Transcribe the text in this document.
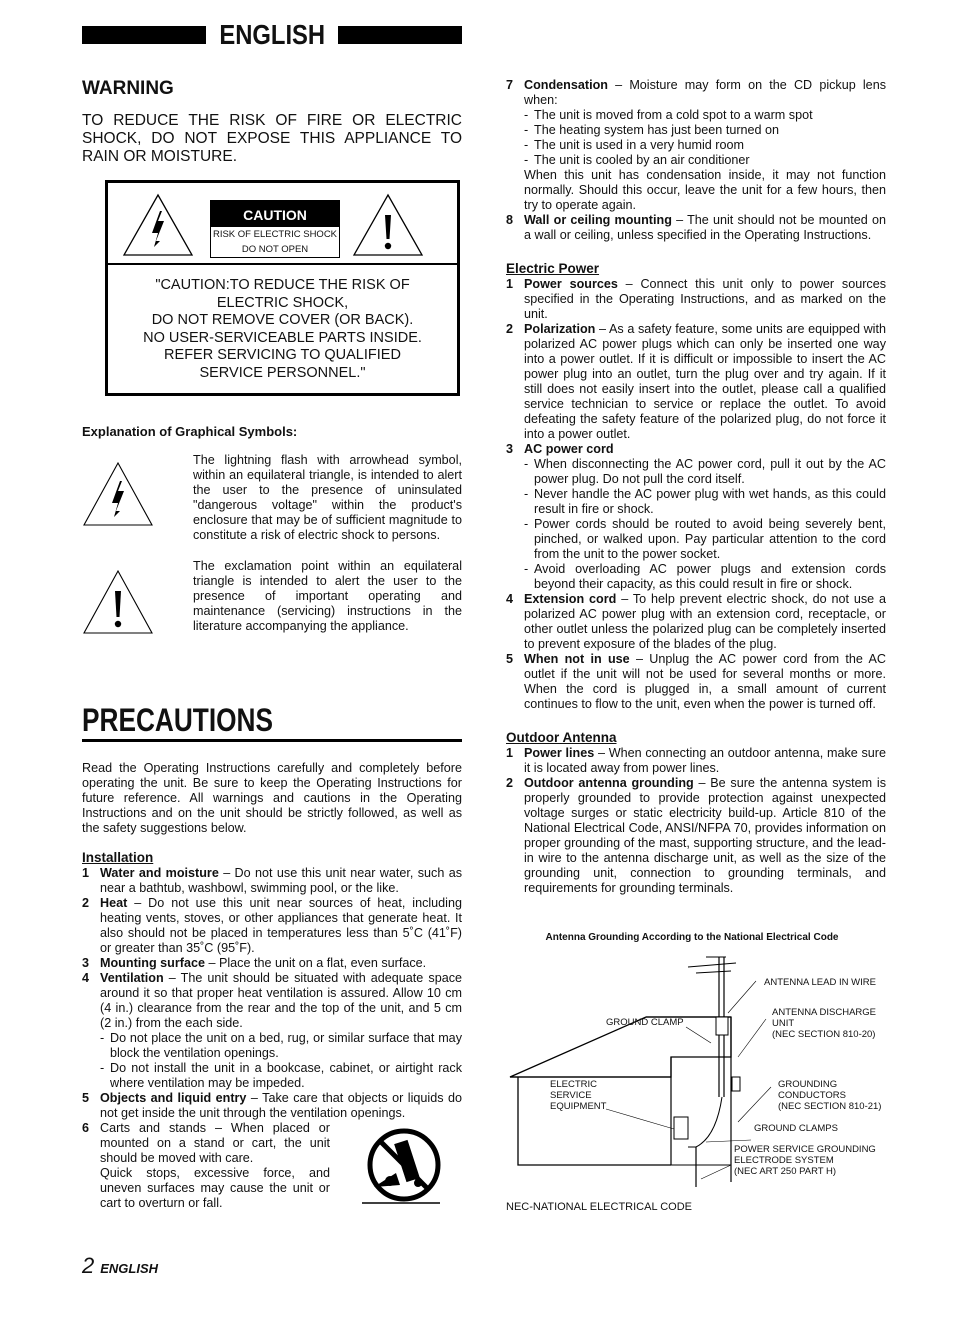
ENGLISH
WARNING

TO REDUCE THE RISK OF FIRE OR ELECTRIC SHOCK, DO NOT EXPOSE THIS APPLIANCE TO RAIN OR MOISTURE.

CAUTION
RISK OF ELECTRIC SHOCK
DO NOT OPEN
"CAUTION:TO REDUCE THE RISK OF
ELECTRIC SHOCK,
DO NOT REMOVE COVER (OR BACK).
NO USER-SERVICEABLE PARTS INSIDE.
REFER SERVICING TO QUALIFIED
SERVICE PERSONNEL."
Explanation of Graphical Symbols:

The lightning flash with arrowhead symbol, within an equilateral triangle, is intended to alert the user to the presence of uninsulated "dangerous voltage" within the product's enclosure that may be of sufficient magnitude to constitute a risk of electric shock to persons.

The exclamation point within an equilateral triangle is intended to alert the user to the presence of important operating and maintenance (servicing) instructions in the literature accompanying the appliance.

PRECAUTIONS

Read the Operating Instructions carefully and completely before operating the unit. Be sure to keep the Operating Instructions for future reference. All warnings and cautions in the Operating Instructions and on the unit should be strictly followed, as well as the safety suggestions below.

Installation
1 Water and moisture – Do not use this unit near water, such as near a bathtub, washbowl, swimming pool, or the like.
2 Heat – Do not use this unit near sources of heat, including heating vents, stoves, or other appliances that generate heat. It also should not be placed in temperatures less than 5˚C (41˚F) or greater than 35˚C (95˚F).
3 Mounting surface – Place the unit on a flat, even surface.
4 Ventilation – The unit should be situated with adequate space around it so that proper heat ventilation is assured. Allow 10 cm (4 in.) clearance from the rear and the top of the unit, and 5 cm (2 in.) from the each side.
- Do not place the unit on a bed, rug, or similar surface that may block the ventilation openings.
- Do not install the unit in a bookcase, cabinet, or airtight rack where ventilation may be impeded.
5 Objects and liquid entry – Take care that objects or liquids do not get inside the unit through the ventilation openings.
6 Carts and stands – When placed or mounted on a stand or cart, the unit should be moved with care.
Quick stops, excessive force, and uneven surfaces may cause the unit or cart to overturn or fall.
7 Condensation – Moisture may form on the CD pickup lens when:
- The unit is moved from a cold spot to a warm spot
- The heating system has just been turned on
- The unit is used in a very humid room
- The unit is cooled by an air conditioner
When this unit has condensation inside, it may not function normally. Should this occur, leave the unit for a few hours, then try to operate again.
8 Wall or ceiling mounting – The unit should not be mounted on a wall or ceiling, unless specified in the Operating Instructions.
Electric Power
1 Power sources – Connect this unit only to power sources specified in the Operating Instructions, and as marked on the unit.
2 Polarization – As a safety feature, some units are equipped with polarized AC power plugs which can only be inserted one way into a power outlet. If it is difficult or impossible to insert the AC power plug into an outlet, turn the plug over and try again. If it still does not easily insert into the outlet, please call a qualified service technician to service or replace the outlet. To avoid defeating the safety feature of the polarized plug, do not force it into a power outlet.
3 AC power cord
- When disconnecting the AC power cord, pull it out by the AC power plug. Do not pull the cord itself.
- Never handle the AC power plug with wet hands, as this could result in fire or shock.
- Power cords should be routed to avoid being severely bent, pinched, or walked upon. Pay particular attention to the cord from the unit to the power socket.
- Avoid overloading AC power plugs and extension cords beyond their capacity, as this could result in fire or shock.
4 Extension cord – To help prevent electric shock, do not use a polarized AC power plug with an extension cord, receptacle, or other outlet unless the polarized plug can be completely inserted to prevent exposure of the blades of the plug.
5 When not in use – Unplug the AC power cord from the AC outlet if the unit will not be used for several months or more. When the cord is plugged in, a small amount of current continues to flow to the unit, even when the power is turned off.
Outdoor Antenna
1 Power lines – When connecting an outdoor antenna, make sure it is located away from power lines.
2 Outdoor antenna grounding – Be sure the antenna system is properly grounded to provide protection against unexpected voltage surges or static electricity build-up. Article 810 of the National Electrical Code, ANSI/NFPA 70, provides information on proper grounding of the mast, supporting structure, and the lead-in wire to the antenna discharge unit, as well as the size of the grounding unit, connection to grounding terminals, and requirements for grounding terminals.
Antenna Grounding According to the National Electrical Code
ANTENNA LEAD IN WIRE
GROUND CLAMP
ANTENNA DISCHARGE
UNIT
(NEC SECTION 810-20)
ELECTRIC
SERVICE
EQUIPMENT
GROUNDING
CONDUCTORS
(NEC SECTION 810-21)
GROUND CLAMPS
POWER SERVICE GROUNDING
ELECTRODE SYSTEM
(NEC ART 250 PART H)
NEC-NATIONAL ELECTRICAL CODE
2 ENGLISH
